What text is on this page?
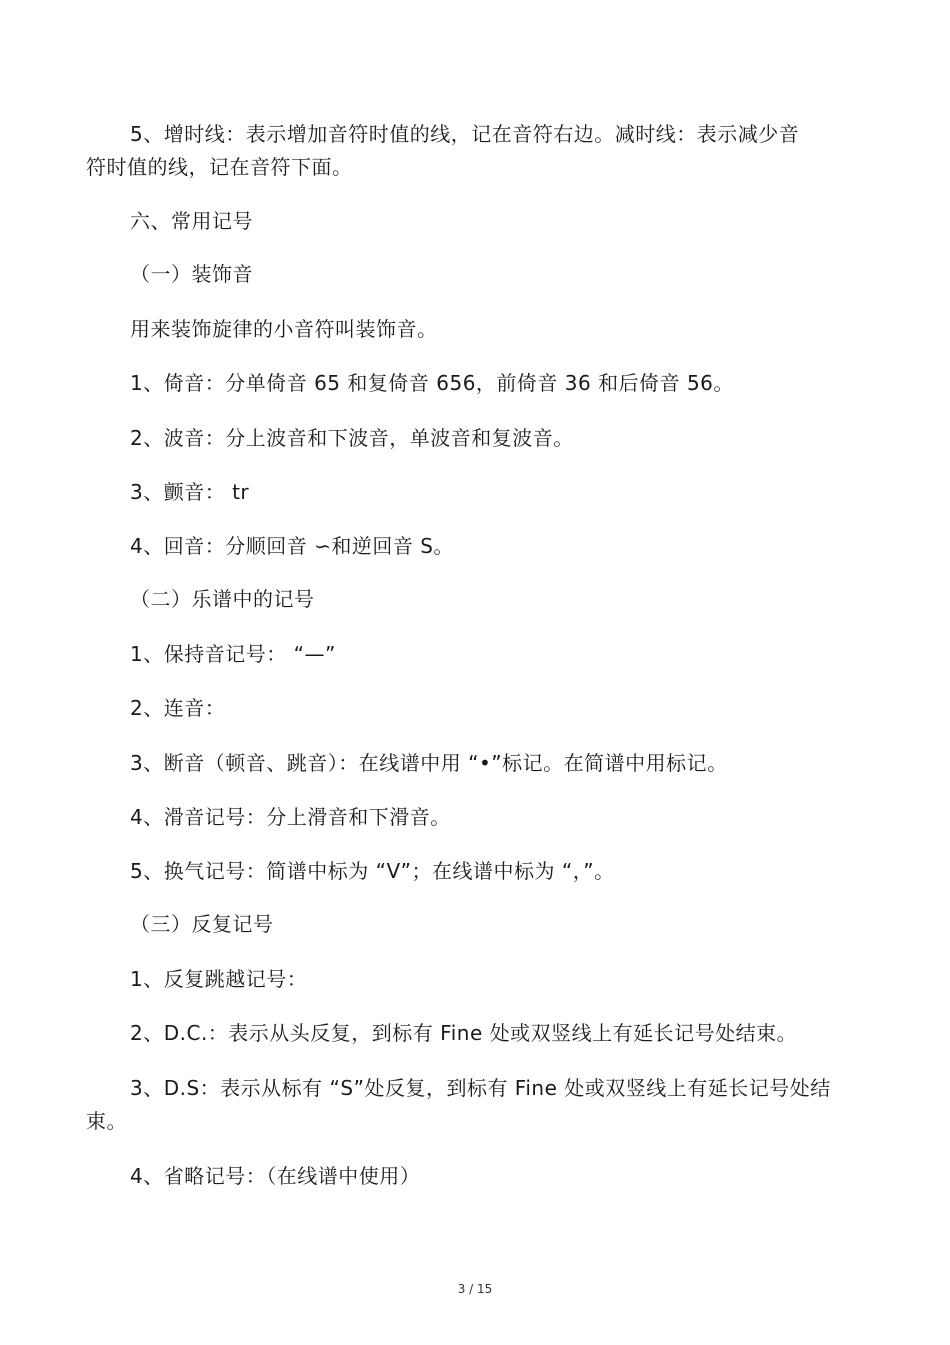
5、增时线：表示增加音符时值的线，记在音符右边。减时线：表示减少音
符时值的线，记在音符下面。
六、常用记号
（一）装饰音
用来装饰旋律的小音符叫装饰音。
1、倚音：分单倚音 65 和复倚音 656，前倚音 36 和后倚音 56。
2、波音：分上波音和下波音，单波音和复波音。
3、颤音： tr
4、回音：分顺回音 ∽和逆回音 S。
（二）乐谱中的记号
1、保持音记号： “—”
2、连音：
3、断音（顿音、跳音）：在线谱中用 “•”标记。在简谱中用标记。
4、滑音记号：分上滑音和下滑音。
5、换气记号：简谱中标为 “V”；在线谱中标为 “，”。
（三）反复记号
1、反复跳越记号：
2、D.C.：表示从头反复，到标有 Fine 处或双竖线上有延长记号处结束。
3、D.S：表示从标有 “S”处反复，到标有 Fine 处或双竖线上有延长记号处结
束。
4、省略记号：（在线谱中使用）
3 / 15
